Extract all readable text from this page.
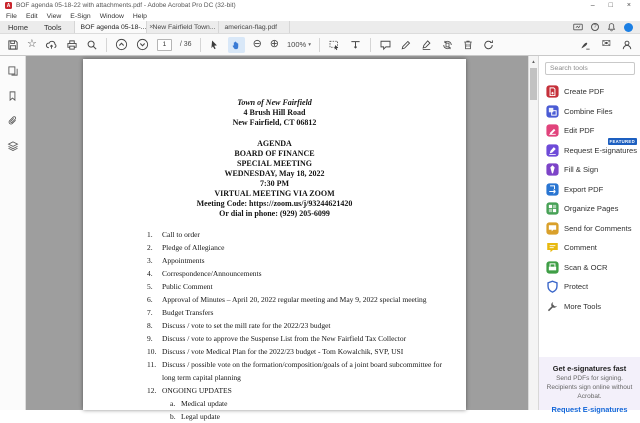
A BOF agenda 05-18-22 with attachments.pdf - Adobe Acrobat Pro DC (32-bit)	– □ ×
File Edit View E-Sign Window Help
Home	Tools	BOF agenda 05-18-... × New Fairfield Town... american-flag.pdf	?
☆
1	/ 36	⊖ ⊕ 100% ▾	✉
Town of New Fairfield
4 Brush Hill Road
New Fairfield, CT 06812
AGENDA
BOARD OF FINANCE
SPECIAL MEETING
WEDNESDAY, May 18, 2022
7:30 PM
VIRTUAL MEETING VIA ZOOM
Meeting Code: https://zoom.us/j/93244621420
Or dial in phone: (929) 205-6099
1.	Call to order
2.	Pledge of Allegiance
3.	Appointments
4.	Correspondence/Announcements
5.	Public Comment
6.	Approval of Minutes – April 20, 2022 regular meeting and May 9, 2022 special meeting
7.	Budget Transfers
8.	Discuss / vote to set the mill rate for the 2022/23 budget
9.	Discuss / vote to approve the Suspense List from the New Fairfield Tax Collector
10. Discuss / vote Medical Plan for the 2022/23 budget - Tom Kowalchik, SVP, USI
11. Discuss / possible vote on the formation/composition/goals of a joint board subcommittee for long term capital planning
12. ONGOING UPDATES
a. Medical update
b. Legal update
▲
Search tools
Create PDF
Combine Files
Edit PDF
Request E-signatures
FEATURED
Fill & Sign
Export PDF
Organize Pages
Send for Comments
Comment
Scan & OCR
Protect
More Tools
Get e-signatures fast
Send PDFs for signing. Recipients sign online without Acrobat.
Request E-signatures
